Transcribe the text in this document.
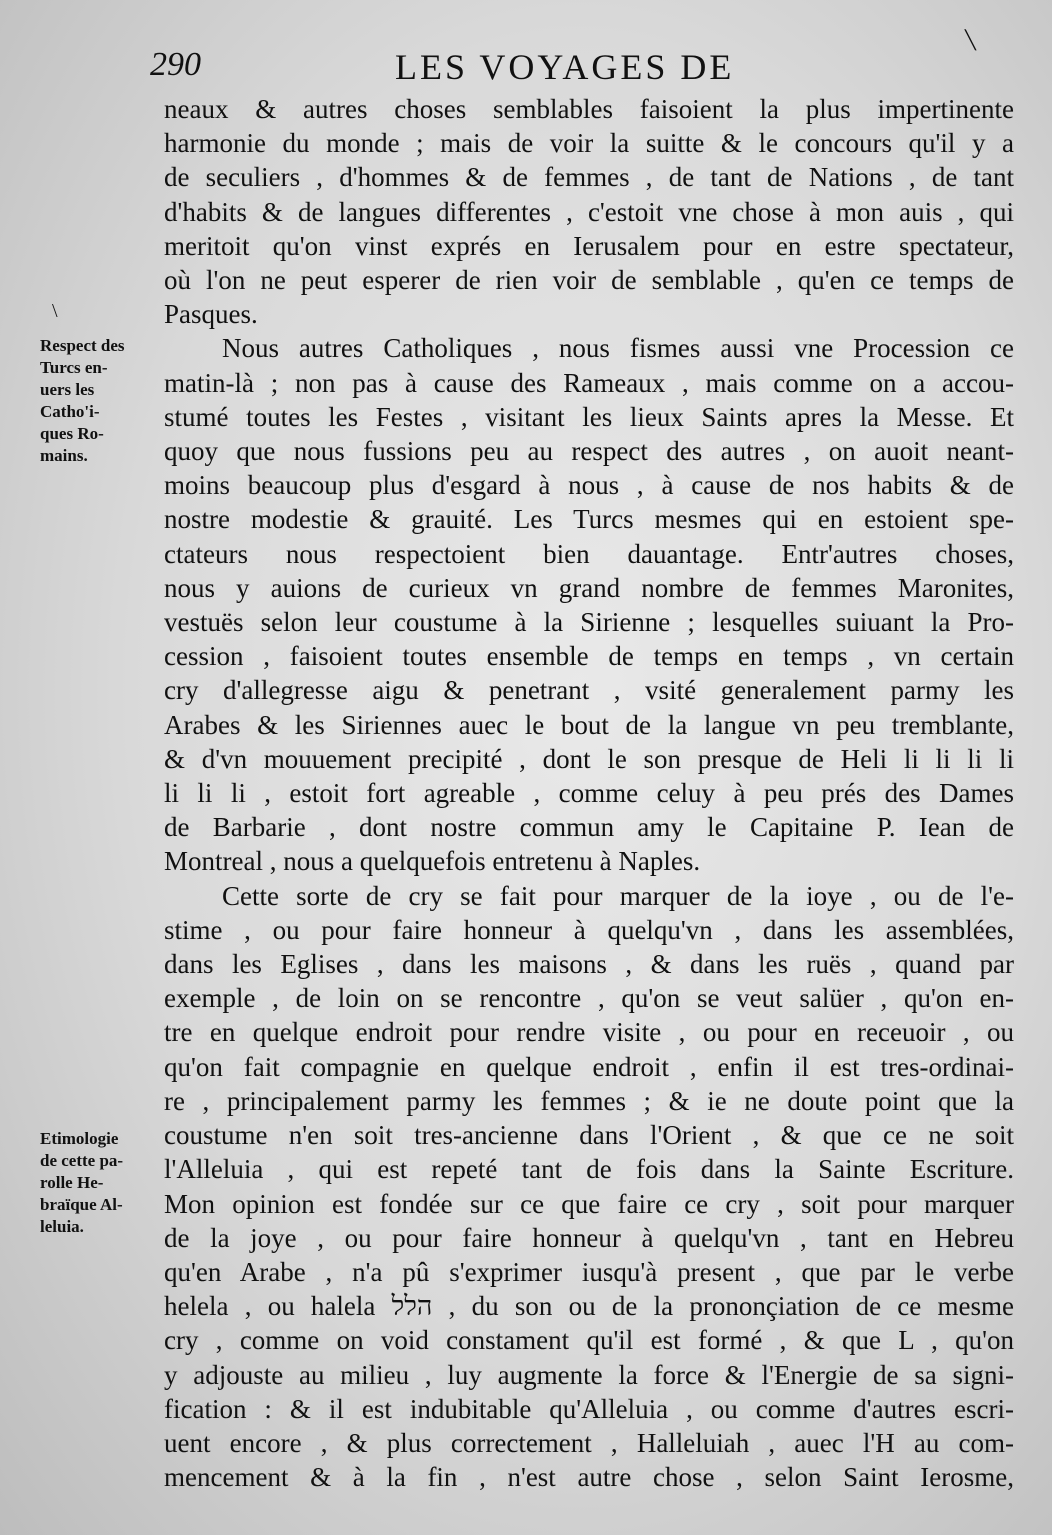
╲
290	LES VOYAGES DE
\
Respect des
Turcs en-
uers les
Catho'i-
ques Ro-
mains.
Etimologie
de cette pa-
rolle He-
braïque Al-
leluia.
neaux & autres choses semblables faisoient la plus impertinente
harmonie du monde ; mais de voir la suitte & le concours qu'il y a
de seculiers , d'hommes & de femmes , de tant de Nations , de tant
d'habits & de langues differentes , c'estoit vne chose à mon auis , qui
meritoit qu'on vinst exprés en Ierusalem pour en estre spectateur,
où l'on ne peut esperer de rien voir de semblable , qu'en ce temps de
Pasques.
Nous autres Catholiques , nous fismes aussi vne Procession ce
matin-là ; non pas à cause des Rameaux , mais comme on a accou-
stumé toutes les Festes , visitant les lieux Saints apres la Messe. Et
quoy que nous fussions peu au respect des autres , on auoit neant-
moins beaucoup plus d'esgard à nous , à cause de nos habits & de
nostre modestie & grauité. Les Turcs mesmes qui en estoient spe-
ctateurs nous respectoient bien dauantage. Entr'autres choses,
nous y auions de curieux vn grand nombre de femmes Maronites,
vestuës selon leur coustume à la Sirienne ; lesquelles suiuant la Pro-
cession , faisoient toutes ensemble de temps en temps , vn certain
cry d'allegresse aigu & penetrant , vsité generalement parmy les
Arabes & les Siriennes auec le bout de la langue vn peu tremblante,
& d'vn mouuement precipité , dont le son presque de Heli li li li li
li li li , estoit fort agreable , comme celuy à peu prés des Dames
de Barbarie , dont nostre commun amy le Capitaine P. Iean de
Montreal , nous a quelquefois entretenu à Naples.
Cette sorte de cry se fait pour marquer de la ioye , ou de l'e-
stime , ou pour faire honneur à quelqu'vn , dans les assemblées,
dans les Eglises , dans les maisons , & dans les ruës , quand par
exemple , de loin on se rencontre , qu'on se veut salüer , qu'on en-
tre en quelque endroit pour rendre visite , ou pour en receuoir , ou
qu'on fait compagnie en quelque endroit , enfin il est tres-ordinai-
re , principalement parmy les femmes ; & ie ne doute point que la
coustume n'en soit tres-ancienne dans l'Orient , & que ce ne soit
l'Alleluia , qui est repeté tant de fois dans la Sainte Escriture.
Mon opinion est fondée sur ce que faire ce cry , soit pour marquer
de la joye , ou pour faire honneur à quelqu'vn , tant en Hebreu
qu'en Arabe , n'a pû s'exprimer iusqu'à present , que par le verbe
helela , ou halela הלל , du son ou de la prononçiation de ce mesme
cry , comme on void constament qu'il est formé , & que L , qu'on
y adjouste au milieu , luy augmente la force & l'Energie de sa signi-
fication : & il est indubitable qu'Alleluia , ou comme d'autres escri-
uent encore , & plus correctement , Halleluiah , auec l'H au com-
mencement & à la fin , n'est autre chose , selon Saint Ierosme,
